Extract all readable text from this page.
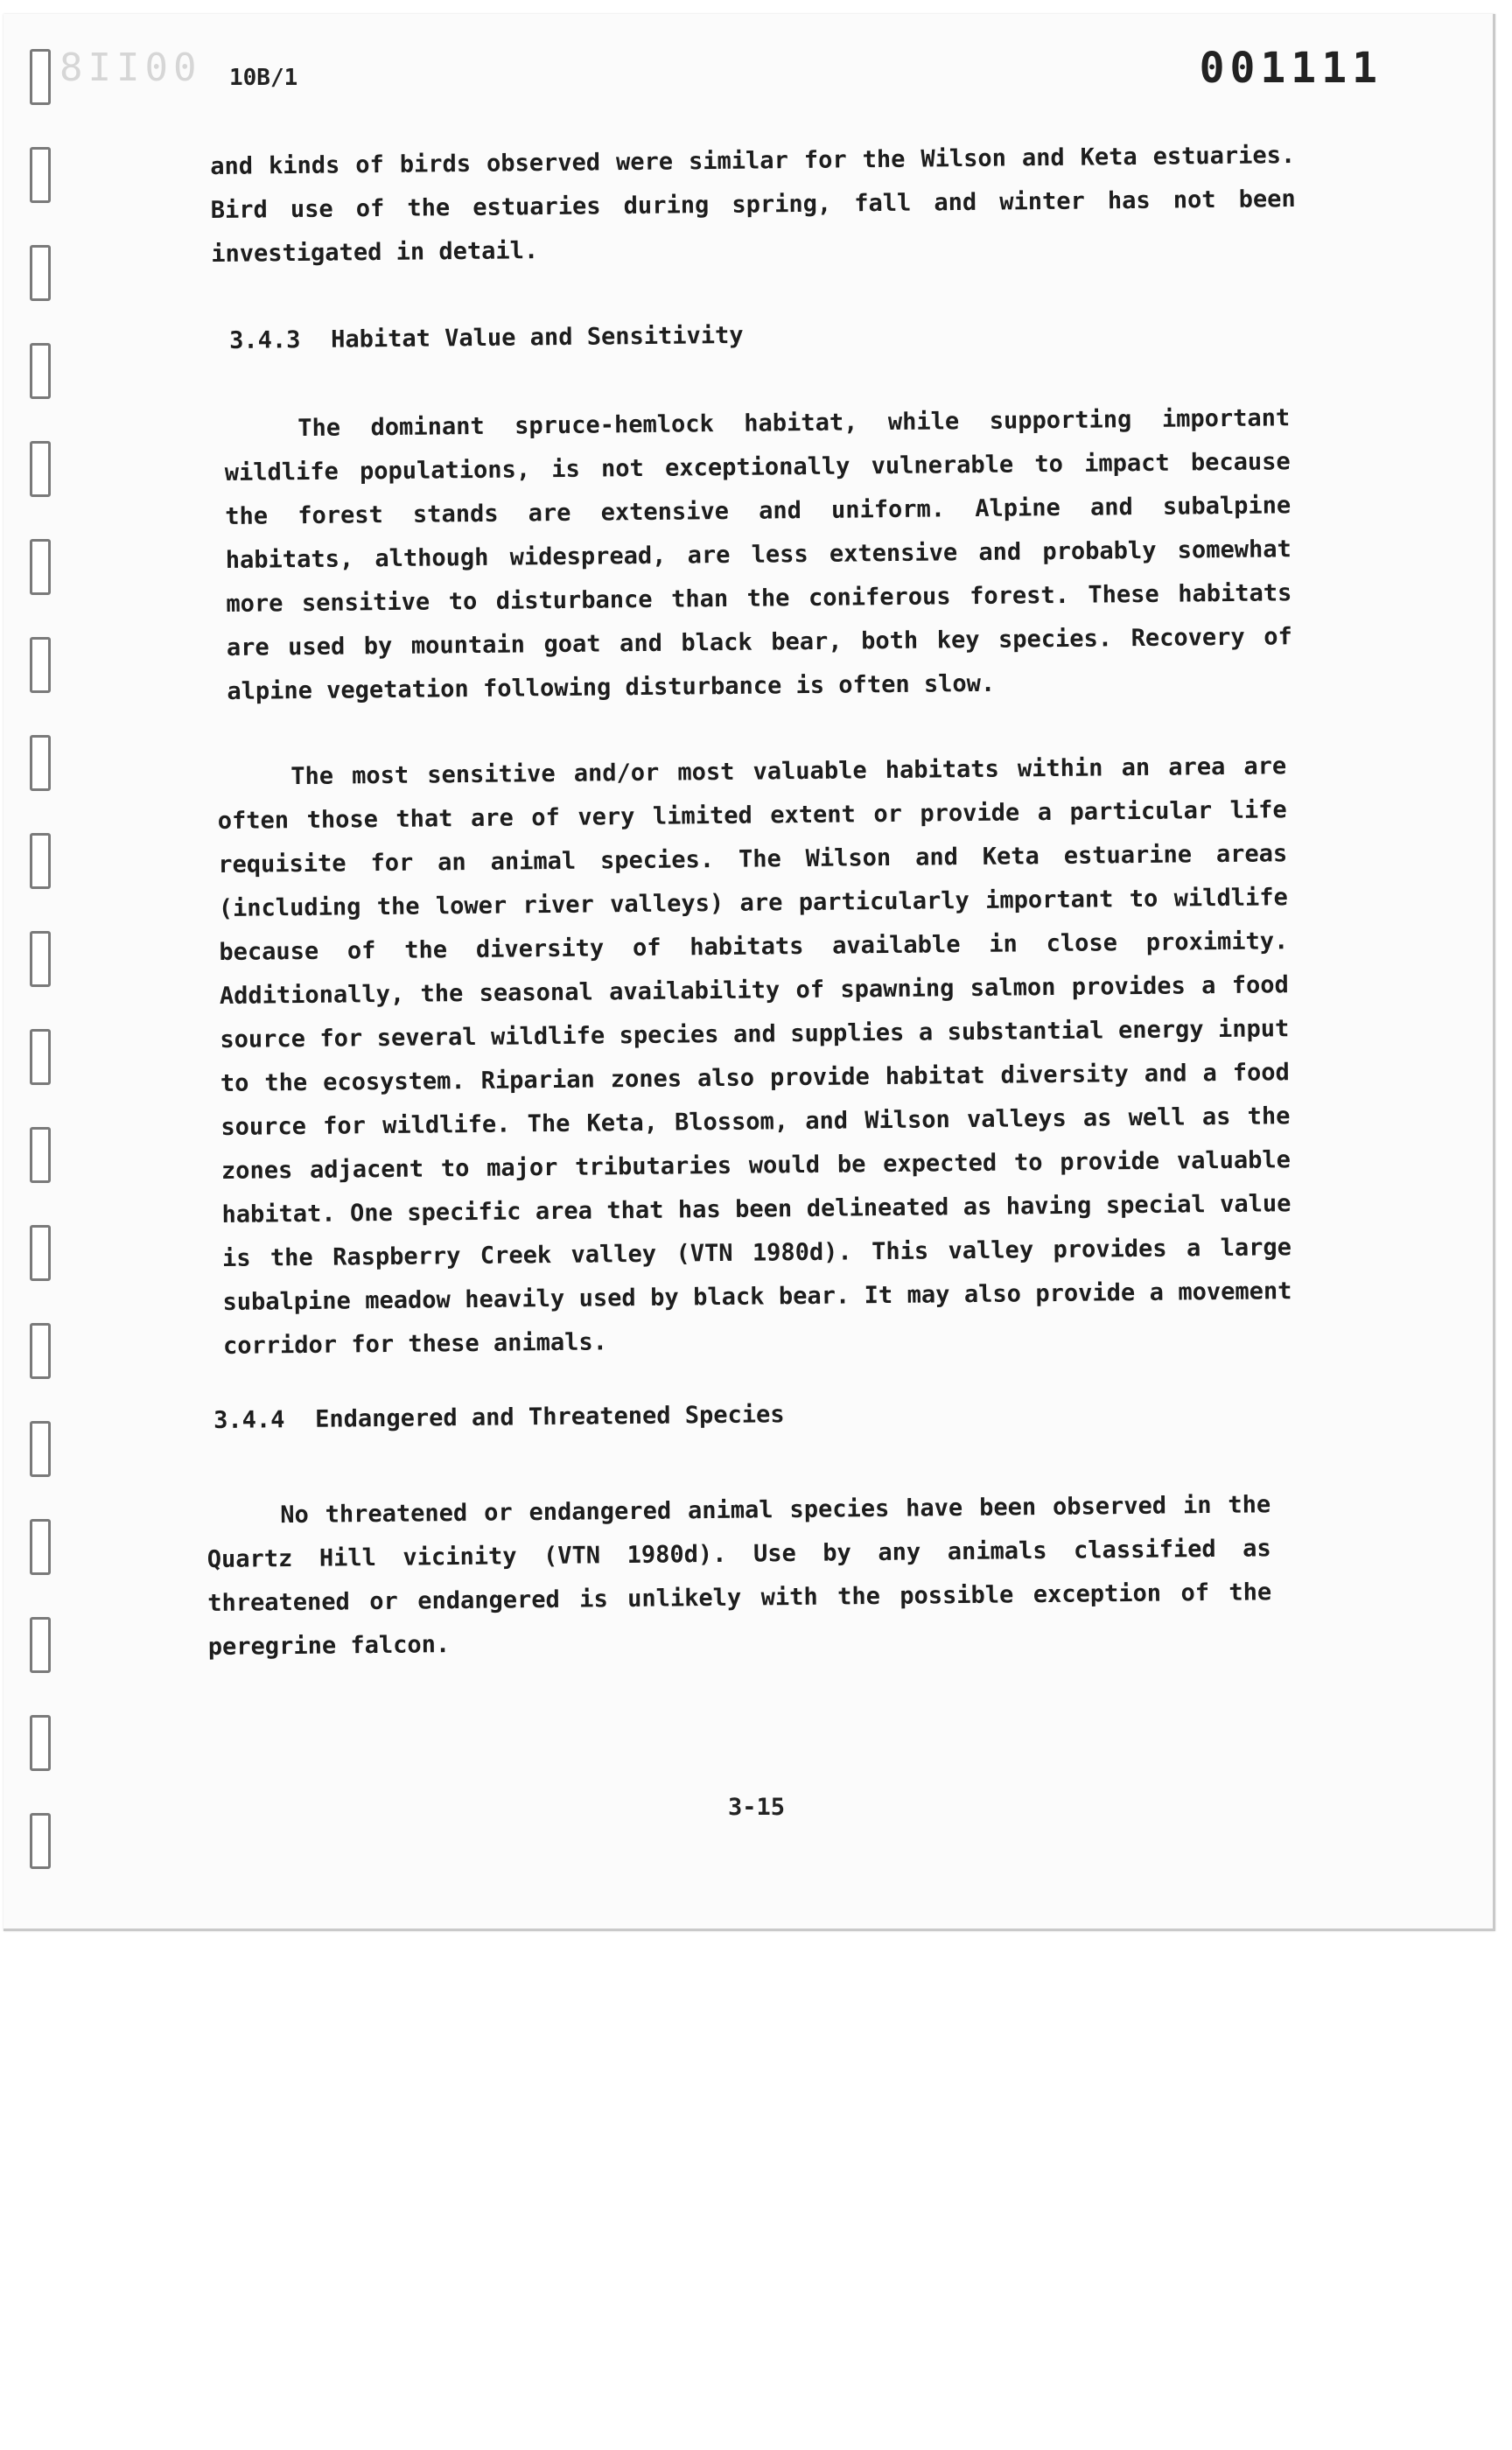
8II00 10B/1	001111

and kinds of birds observed were similar for the Wilson and Keta estuaries. Bird use of the estuaries during spring, fall and winter has not been investigated in detail.

3.4.3 Habitat Value and Sensitivity

The dominant spruce-hemlock habitat, while supporting important wildlife populations, is not exceptionally vulnerable to impact because the forest stands are extensive and uniform. Alpine and subalpine habitats, although widespread, are less extensive and probably somewhat more sensitive to disturbance than the coniferous forest. These habitats are used by mountain goat and black bear, both key species. Recovery of alpine vegetation following disturbance is often slow.

The most sensitive and/or most valuable habitats within an area are often those that are of very limited extent or provide a particular life requisite for an animal species. The Wilson and Keta estuarine areas (including the lower river valleys) are particularly important to wildlife because of the diversity of habitats available in close proximity. Additionally, the seasonal availability of spawning salmon provides a food source for several wildlife species and supplies a substantial energy input to the ecosystem. Riparian zones also provide habitat diversity and a food source for wildlife. The Keta, Blossom, and Wilson valleys as well as the zones adjacent to major tributaries would be expected to provide valuable habitat. One specific area that has been delineated as having special value is the Raspberry Creek valley (VTN 1980d). This valley provides a large subalpine meadow heavily used by black bear. It may also provide a movement corridor for these animals.

3.4.4 Endangered and Threatened Species

No threatened or endangered animal species have been observed in the Quartz Hill vicinity (VTN 1980d). Use by any animals classified as threatened or endangered is unlikely with the possible exception of the peregrine falcon.

3-15
